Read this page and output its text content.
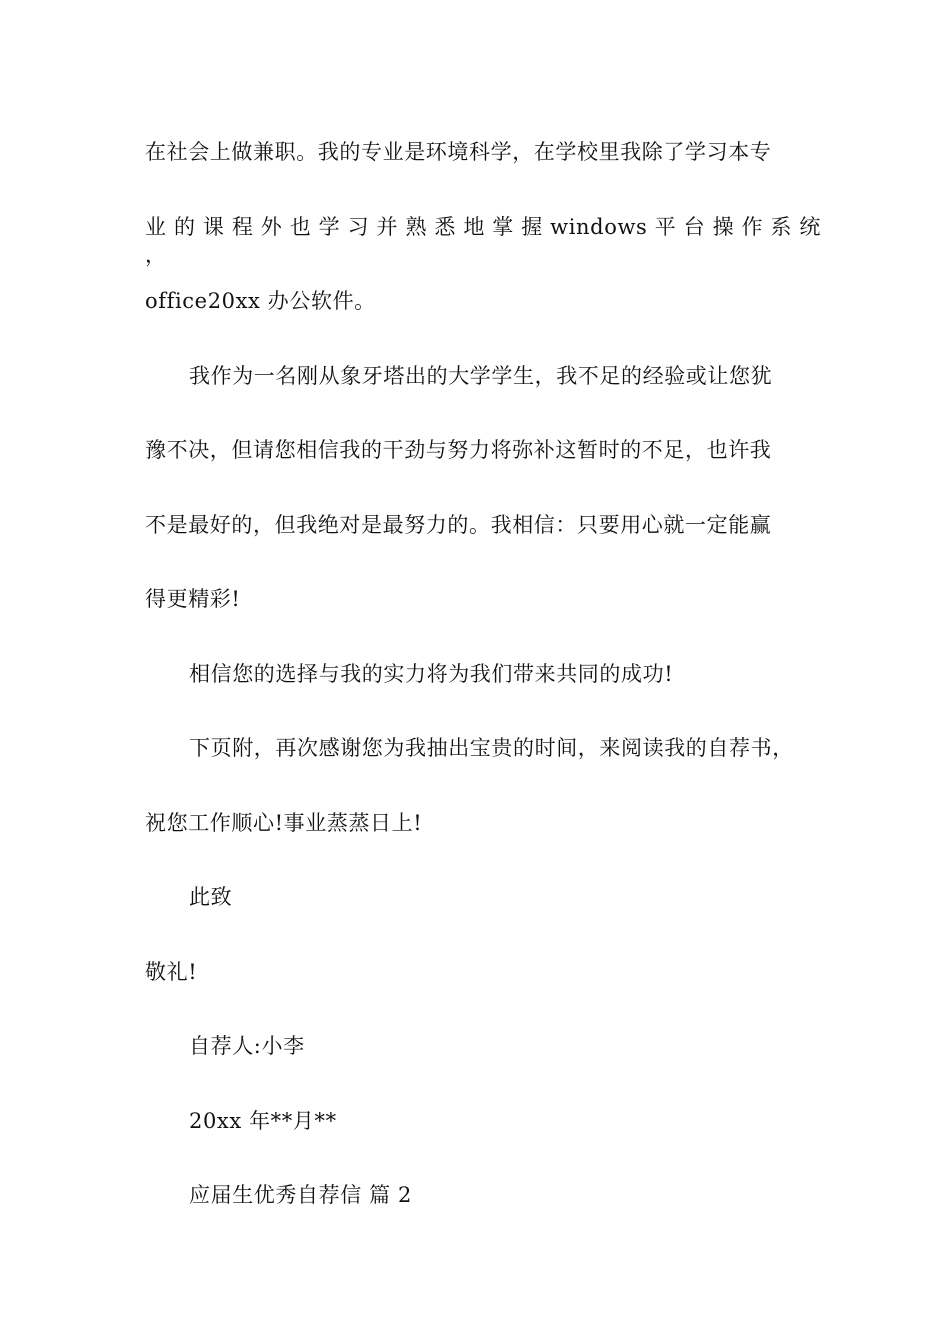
在社会上做兼职。我的专业是环境科学，在学校里我除了学习本专
业 的 课 程 外 也 学 习 并 熟 悉 地 掌 握 windows 平 台 操 作 系 统 ，
office20xx 办公软件。
我作为一名刚从象牙塔出的大学学生，我不足的经验或让您犹
豫不决，但请您相信我的干劲与努力将弥补这暂时的不足，也许我
不是最好的，但我绝对是最努力的。我相信：只要用心就一定能赢
得更精彩!
相信您的选择与我的实力将为我们带来共同的成功!
下页附，再次感谢您为我抽出宝贵的时间，来阅读我的自荐书，
祝您工作顺心!事业蒸蒸日上!
此致
敬礼!
自荐人:小李
20xx 年**月**
应届生优秀自荐信 篇 2
